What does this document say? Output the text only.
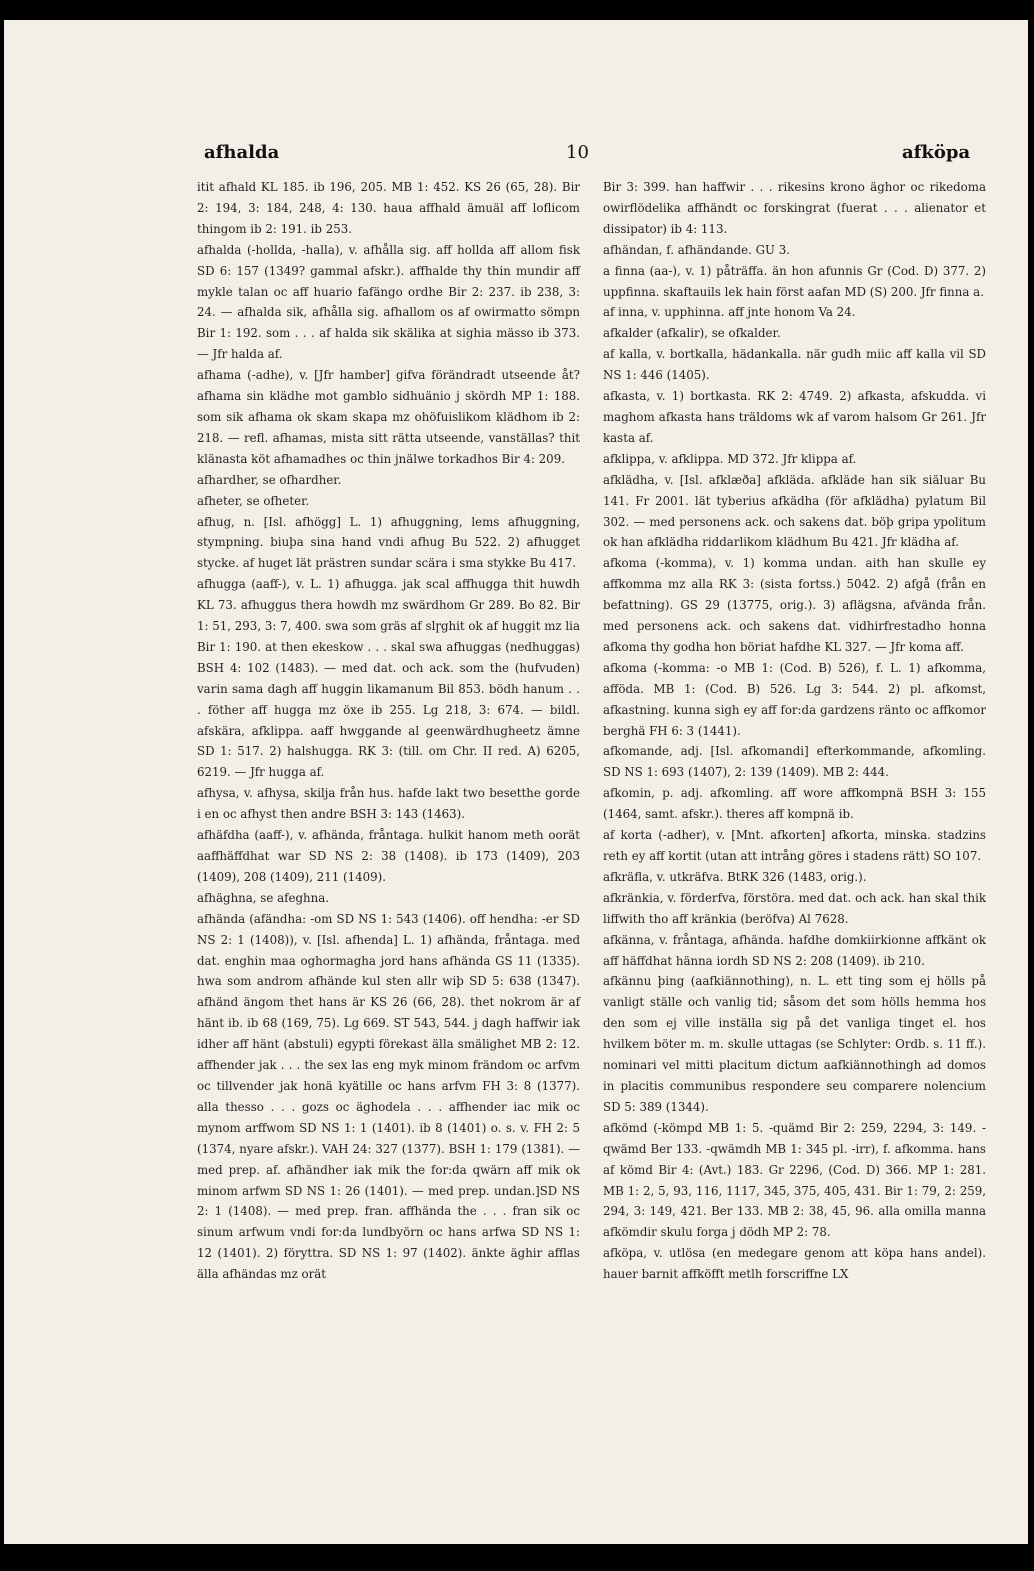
afhalda	10	afköpa

itit afhald KL 185. ib 196, 205. MB 1: 452. KS 26 (65, 28). Bir 2: 194, 3: 184, 248, 4: 130. haua affhald ämuäl aff loflicom thingom ib 2: 191. ib 253.

afhalda (-hollda, -halla), v. afhålla sig. aff hollda aff allom fisk SD 6: 157 (1349? gammal afskr.). affhalde thy thin mundir aff mykle talan oc aff huario fafängo ordhe Bir 2: 237. ib 238, 3: 24. — afhalda sik, afhålla sig. afhallom os af owirmatto sömpn Bir 1: 192. som . . . af halda sik skälika at sighia mässo ib 373. — Jfr halda af.

afhama (-adhe), v. [Jfr hamber] gifva förändradt utseende åt? afhama sin klädhe mot gamblo sidhuänio j skördh MP 1: 188. som sik afhama ok skam skapa mz ohöfuislikom klädhom ib 2: 218. — refl. afhamas, mista sitt rätta utseende, vanställas? thit klänasta köt afhamadhes oc thin jnälwe torkadhos Bir 4: 209.

afhardher, se ofhardher.

afheter, se ofheter.

afhug, n. [Isl. afhögg] L. 1) afhuggning, lems afhuggning, stympning. biuþa sina hand vndi afhug Bu 522. 2) afhugget stycke. af huget lät prästren sundar scära i sma stykke Bu 417.

afhugga (aaff-), v. L. 1) afhugga. jak scal affhugga thit huwdh KL 73. afhuggus thera howdh mz swärdhom Gr 289. Bo 82. Bir 1: 51, 293, 3: 7, 400. swa som gräs af slɼghit ok af huggit mz lia Bir 1: 190. at then ekeskow . . . skal swa afhuggas (nedhuggas) BSH 4: 102 (1483). — med dat. och ack. som the (hufvuden) varin sama dagh aff huggin likamanum Bil 853. bödh hanum . . . föther aff hugga mz öxe ib 255. Lg 218, 3: 674. — bildl. afskära, afklippa. aaff hwggande al geenwärdhugheetz ämne SD 1: 517. 2) halshugga. RK 3: (till. om Chr. II red. A) 6205, 6219. — Jfr hugga af.

afhysa, v. afhysa, skilja från hus. hafde lakt two besetthe gorde i en oc afhyst then andre BSH 3: 143 (1463).

afhäfdha (aaff-), v. afhända, fråntaga. hulkit hanom meth oorät aaffhäffdhat war SD NS 2: 38 (1408). ib 173 (1409), 203 (1409), 208 (1409), 211 (1409).

afhäghna, se afeghna.

afhända (afändha: -om SD NS 1: 543 (1406). off hendha: -er SD NS 2: 1 (1408)), v. [Isl. afhenda] L. 1) afhända, fråntaga. med dat. enghin maa oghormagha jord hans afhända GS 11 (1335). hwa som androm afhände kul sten allr wiþ SD 5: 638 (1347). afhänd ängom thet hans är KS 26 (66, 28). thet nokrom är af hänt ib. ib 68 (169, 75). Lg 669. ST 543, 544. j dagh haffwir iak idher aff hänt (abstuli) egypti förekast älla smälighet MB 2: 12. affhender jak . . . the sex las eng myk minom frändom oc arfvm oc tillvender jak honä kyätille oc hans arfvm FH 3: 8 (1377). alla thesso . . . gozs oc äghodela . . . affhender iac mik oc mynom arffwom SD NS 1: 1 (1401). ib 8 (1401) o. s. v. FH 2: 5 (1374, nyare afskr.). VAH 24: 327 (1377). BSH 1: 179 (1381). — med prep. af. afhändher iak mik the for:da qwärn aff mik ok minom arfwm SD NS 1: 26 (1401). — med prep. undan.]SD NS 2: 1 (1408). — med prep. fran. affhända the . . . fran sik oc sinum arfwum vndi for:da lundbyörn oc hans arfwa SD NS 1: 12 (1401). 2) föryttra. SD NS 1: 97 (1402). änkte äghir afflas älla afhändas mz orät

Bir 3: 399. han haffwir . . . rikesins krono äghor oc rikedoma owirflödelika affhändt oc forskingrat (fuerat . . . alienator et dissipator) ib 4: 113.

afhändan, f. afhändande. GU 3.

a finna (aa-), v. 1) påträffa. än hon afunnis Gr (Cod. D) 377. 2) uppfinna. skaftauils lek hain först aafan MD (S) 200. Jfr finna a.

af inna, v. upphinna. aff jnte honom Va 24.

afkalder (afkalir), se ofkalder.

af kalla, v. bortkalla, hädankalla. när gudh miic aff kalla vil SD NS 1: 446 (1405).

afkasta, v. 1) bortkasta. RK 2: 4749. 2) afkasta, afskudda. vi maghom afkasta hans träldoms wk af varom halsom Gr 261. Jfr kasta af.

afklippa, v. afklippa. MD 372. Jfr klippa af.

afklädha, v. [Isl. afklæða] afkläda. afkläde han sik siäluar Bu 141. Fr 2001. lät tyberius afkädha (för afklädha) pylatum Bil 302. — med personens ack. och sakens dat. böþ gripa ypolitum ok han afklädha riddarlikom klädhum Bu 421. Jfr klädha af.

afkoma (-komma), v. 1) komma undan. aith han skulle ey affkomma mz alla RK 3: (sista fortss.) 5042. 2) afgå (från en befattning). GS 29 (13775, orig.). 3) aflägsna, afvända från. med personens ack. och sakens dat. vidhirfrestadho honna afkoma thy godha hon böriat hafdhe KL 327. — Jfr koma aff.

afkoma (-komma: -o MB 1: (Cod. B) 526), f. L. 1) afkomma, afföda. MB 1: (Cod. B) 526. Lg 3: 544. 2) pl. afkomst, afkastning. kunna sigh ey aff for:da gardzens ränto oc affkomor berghä FH 6: 3 (1441).

afkomande, adj. [Isl. afkomandi] efterkommande, afkomling. SD NS 1: 693 (1407), 2: 139 (1409). MB 2: 444.

afkomin, p. adj. afkomling. aff wore affkompnä BSH 3: 155 (1464, samt. afskr.). theres aff kompnä ib.

af korta (-adher), v. [Mnt. afkorten] afkorta, minska. stadzins reth ey aff kortit (utan att intrång göres i stadens rätt) SO 107.

afkräfla, v. utkräfva. BtRK 326 (1483, orig.).

afkränkia, v. förderfva, förstöra. med dat. och ack. han skal thik liffwith tho aff kränkia (beröfva) Al 7628.

afkänna, v. fråntaga, afhända. hafdhe domkiirkionne affkänt ok aff häffdhat hänna iordh SD NS 2: 208 (1409). ib 210.

afkännu þing (aafkiännothing), n. L. ett ting som ej hölls på vanligt ställe och vanlig tid; såsom det som hölls hemma hos den som ej ville inställa sig på det vanliga tinget el. hos hvilkem böter m. m. skulle uttagas (se Schlyter: Ordb. s. 11 ff.). nominari vel mitti placitum dictum aafkiännothingh ad domos in placitis communibus respondere seu comparere nolencium SD 5: 389 (1344).

afkömd (-kömpd MB 1: 5. -quämd Bir 2: 259, 2294, 3: 149. -qwämd Ber 133. -qwämdh MB 1: 345 pl. -irr), f. afkomma. hans af kömd Bir 4: (Avt.) 183. Gr 2296, (Cod. D) 366. MP 1: 281. MB 1: 2, 5, 93, 116, 1117, 345, 375, 405, 431. Bir 1: 79, 2: 259, 294, 3: 149, 421. Ber 133. MB 2: 38, 45, 96. alla omilla manna afkömdir skulu forga j dödh MP 2: 78.

afköpa, v. utlösa (en medegare genom att köpa hans andel). hauer barnit affköfft metlh forscriffne LX
